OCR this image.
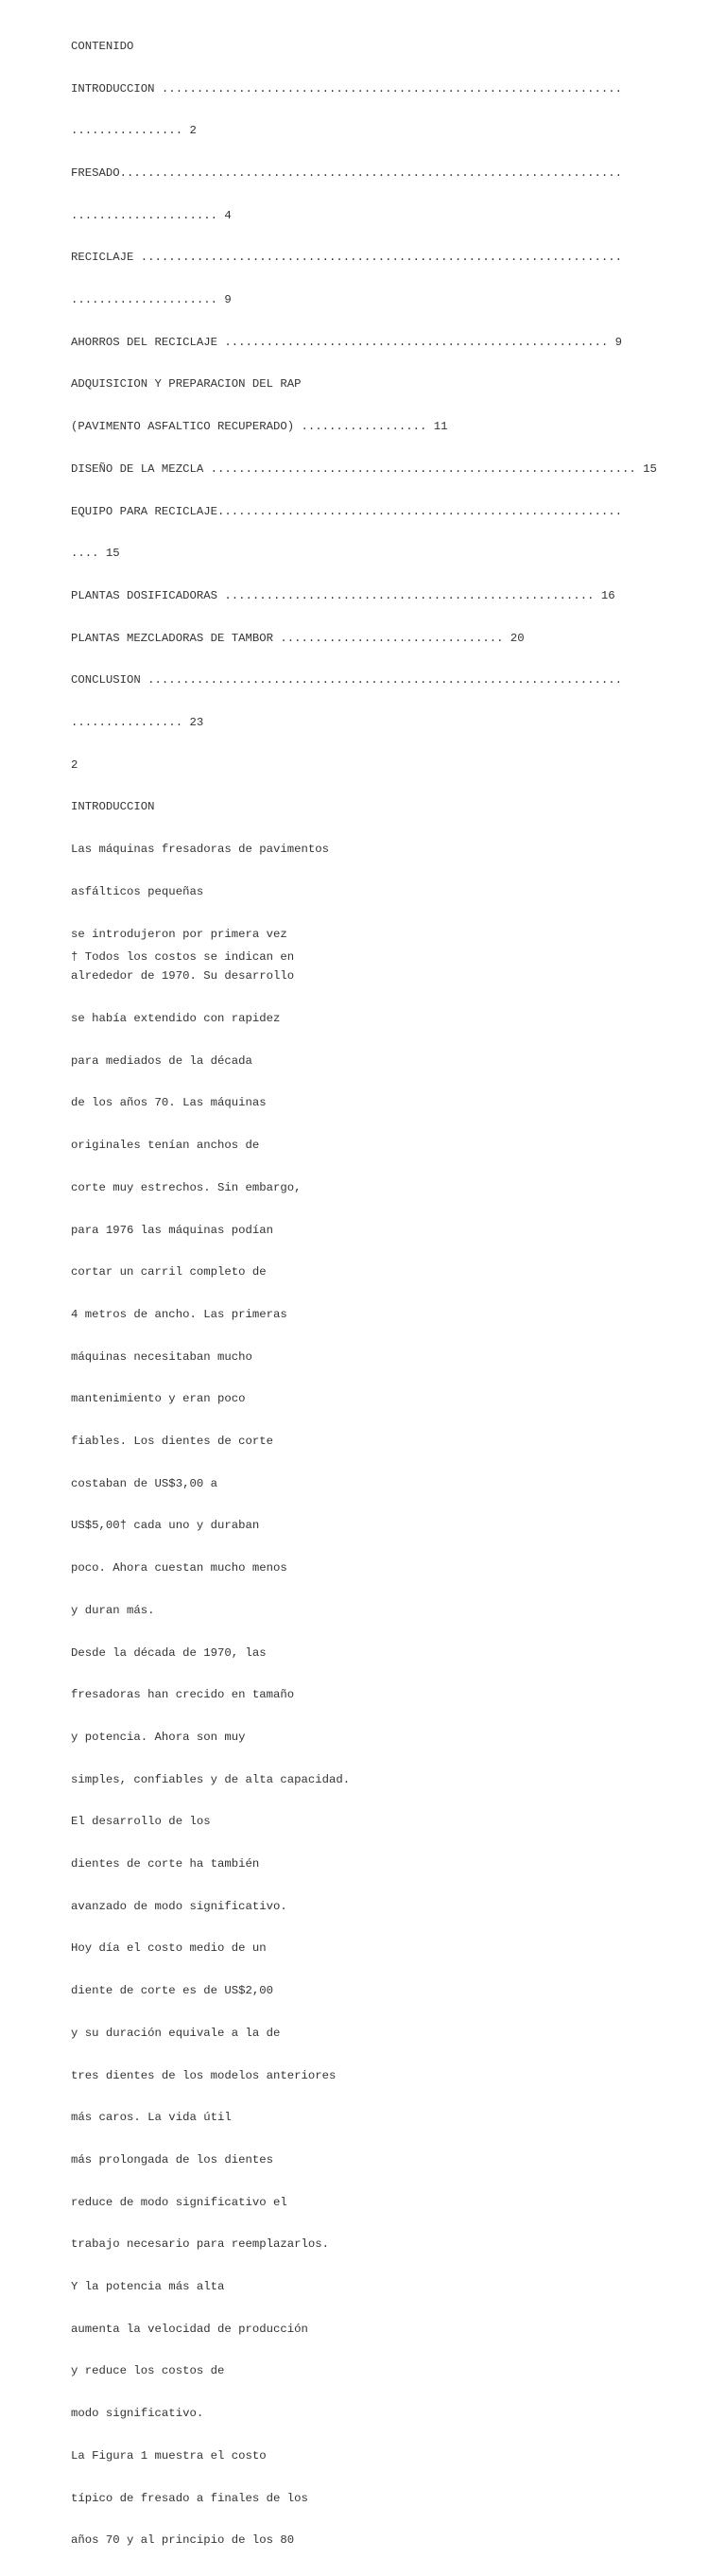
CONTENIDO

INTRODUCCION ..................................................................

................ 2

FRESADO........................................................................

..................... 4

RECICLAJE .....................................................................

..................... 9

AHORROS DEL RECICLAJE ....................................................... 9

ADQUISICION Y PREPARACION DEL RAP

(PAVIMENTO ASFALTICO RECUPERADO) .................. 11

DISEÑO DE LA MEZCLA ............................................................. 15

EQUIPO PARA RECICLAJE..........................................................

.... 15

PLANTAS DOSIFICADORAS ..................................................... 16

PLANTAS MEZCLADORAS DE TAMBOR ................................ 20

CONCLUSION ....................................................................

................ 23

2

INTRODUCCION

Las máquinas fresadoras de pavimentos

asfálticos pequeñas

se introdujeron por primera vez

alrededor de 1970. Su desarrollo

se había extendido con rapidez

para mediados de la década

de los años 70. Las máquinas

originales tenían anchos de

corte muy estrechos. Sin embargo,

para 1976 las máquinas podían

cortar un carril completo de

4 metros de ancho. Las primeras

máquinas necesitaban mucho

mantenimiento y eran poco

fiables. Los dientes de corte

costaban de US$3,00 a

US$5,00† cada uno y duraban

poco. Ahora cuestan mucho menos

y duran más.

Desde la década de 1970, las

fresadoras han crecido en tamaño

y potencia. Ahora son muy

simples, confiables y de alta capacidad.

El desarrollo de los

dientes de corte ha también

avanzado de modo significativo.

Hoy día el costo medio de un

diente de corte es de US$2,00

y su duración equivale a la de

tres dientes de los modelos anteriores

más caros. La vida útil

más prolongada de los dientes

reduce de modo significativo el

trabajo necesario para reemplazarlos.

Y la potencia más alta

aumenta la velocidad de producción

y reduce los costos de

modo significativo.

La Figura 1 muestra el costo

típico de fresado a finales de los

años 70 y al principio de los 80

† Todos los costos se indican en
